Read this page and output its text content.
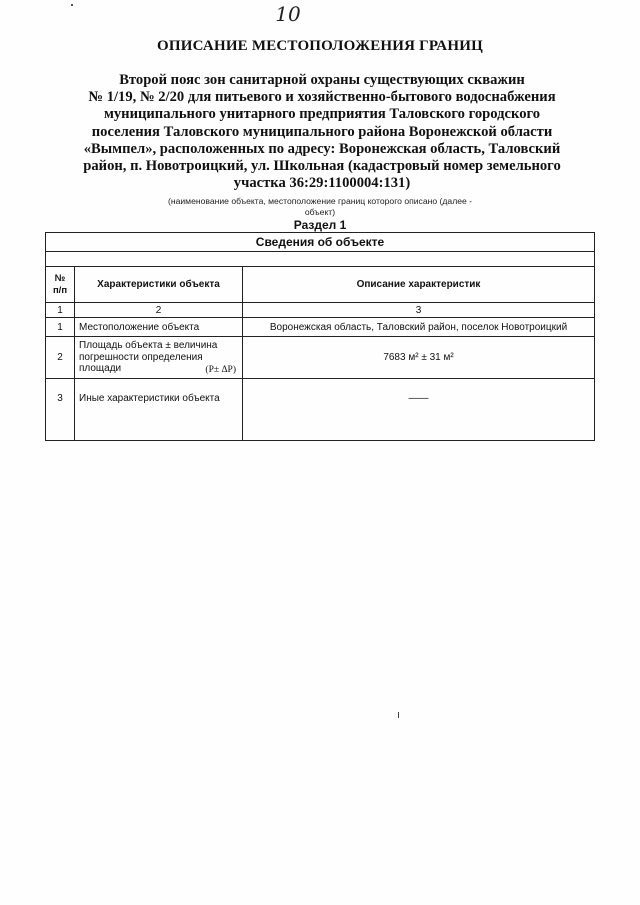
10
ОПИСАНИЕ МЕСТОПОЛОЖЕНИЯ ГРАНИЦ
Второй пояс зон санитарной охраны существующих скважин
№ 1/19, № 2/20 для питьевого и хозяйственно-бытового водоснабжения
муниципального унитарного предприятия Таловского городского
поселения Таловского муниципального района Воронежской области
«Вымпел», расположенных по адресу: Воронежская область, Таловский
район, п. Новотроицкий, ул. Школьная (кадастровый номер земельного
участка 36:29:1100004:131)
(наименование объекта, местоположение границ которого описано (далее -
объект)
Раздел 1
Сведения об объекте		

№
п/п	Характеристики объекта	Описание характеристик
1	2	3
1	Местоположение объекта	Воронежская область, Таловский район, поселок Новотроицкий
2	Площадь объекта ± величина
погрешности определения
площади (P± ΔP)	7683 м² ± 31 м²
3	Иные характеристики объекта	——
